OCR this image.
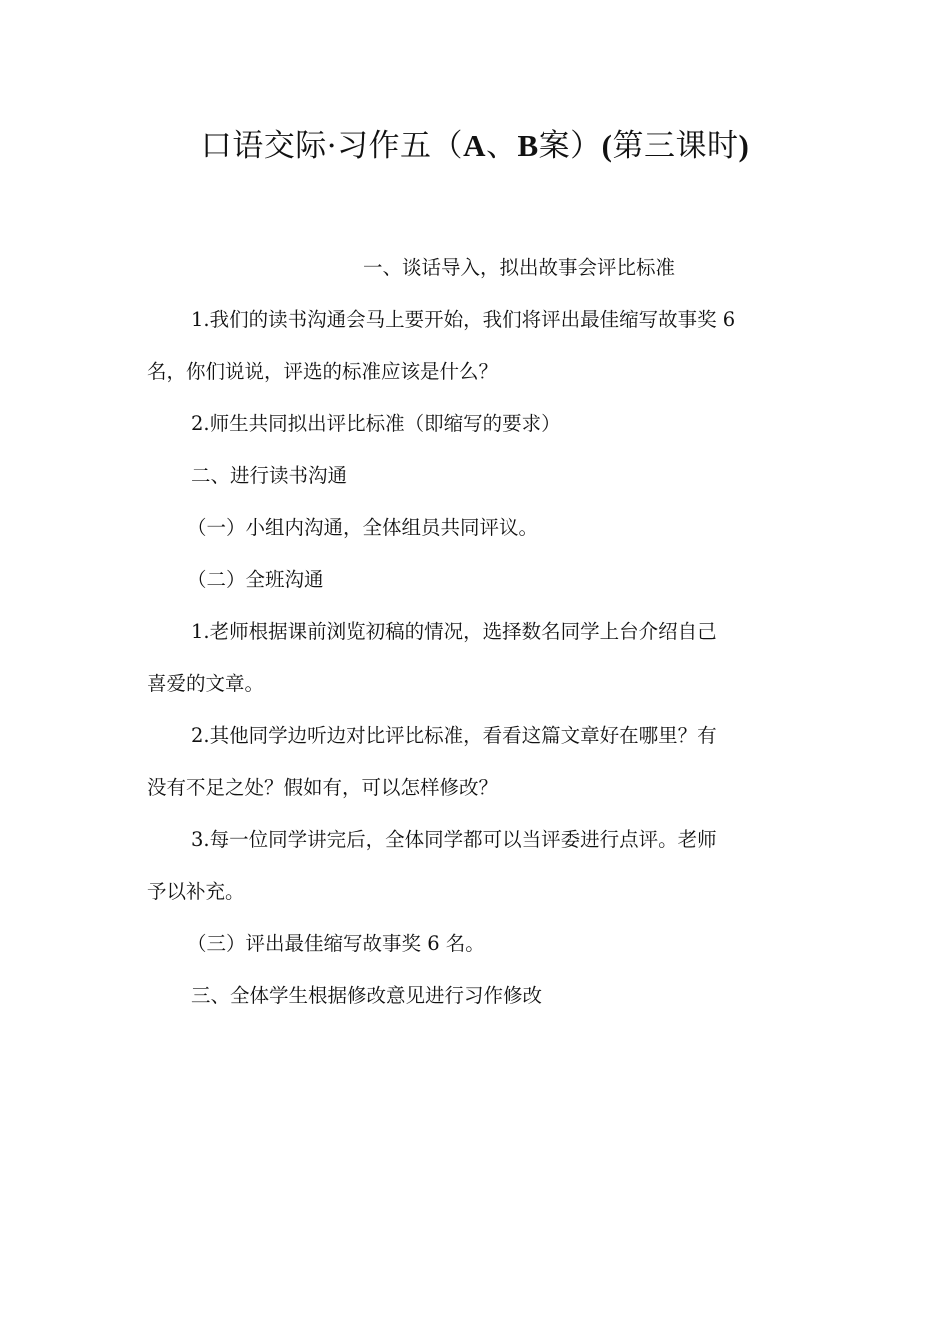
口语交际·习作五（A、B案）(第三课时)
一、谈话导入，拟出故事会评比标准
1.我们的读书沟通会马上要开始，我们将评出最佳缩写故事奖 6
名，你们说说，评选的标准应该是什么？
2.师生共同拟出评比标准（即缩写的要求）
二、进行读书沟通
（一）小组内沟通，全体组员共同评议。
（二）全班沟通
1.老师根据课前浏览初稿的情况，选择数名同学上台介绍自己
喜爱的文章。
2.其他同学边听边对比评比标准，看看这篇文章好在哪里？有
没有不足之处？假如有，可以怎样修改？
3.每一位同学讲完后，全体同学都可以当评委进行点评。老师
予以补充。
（三）评出最佳缩写故事奖 6 名。
三、全体学生根据修改意见进行习作修改
